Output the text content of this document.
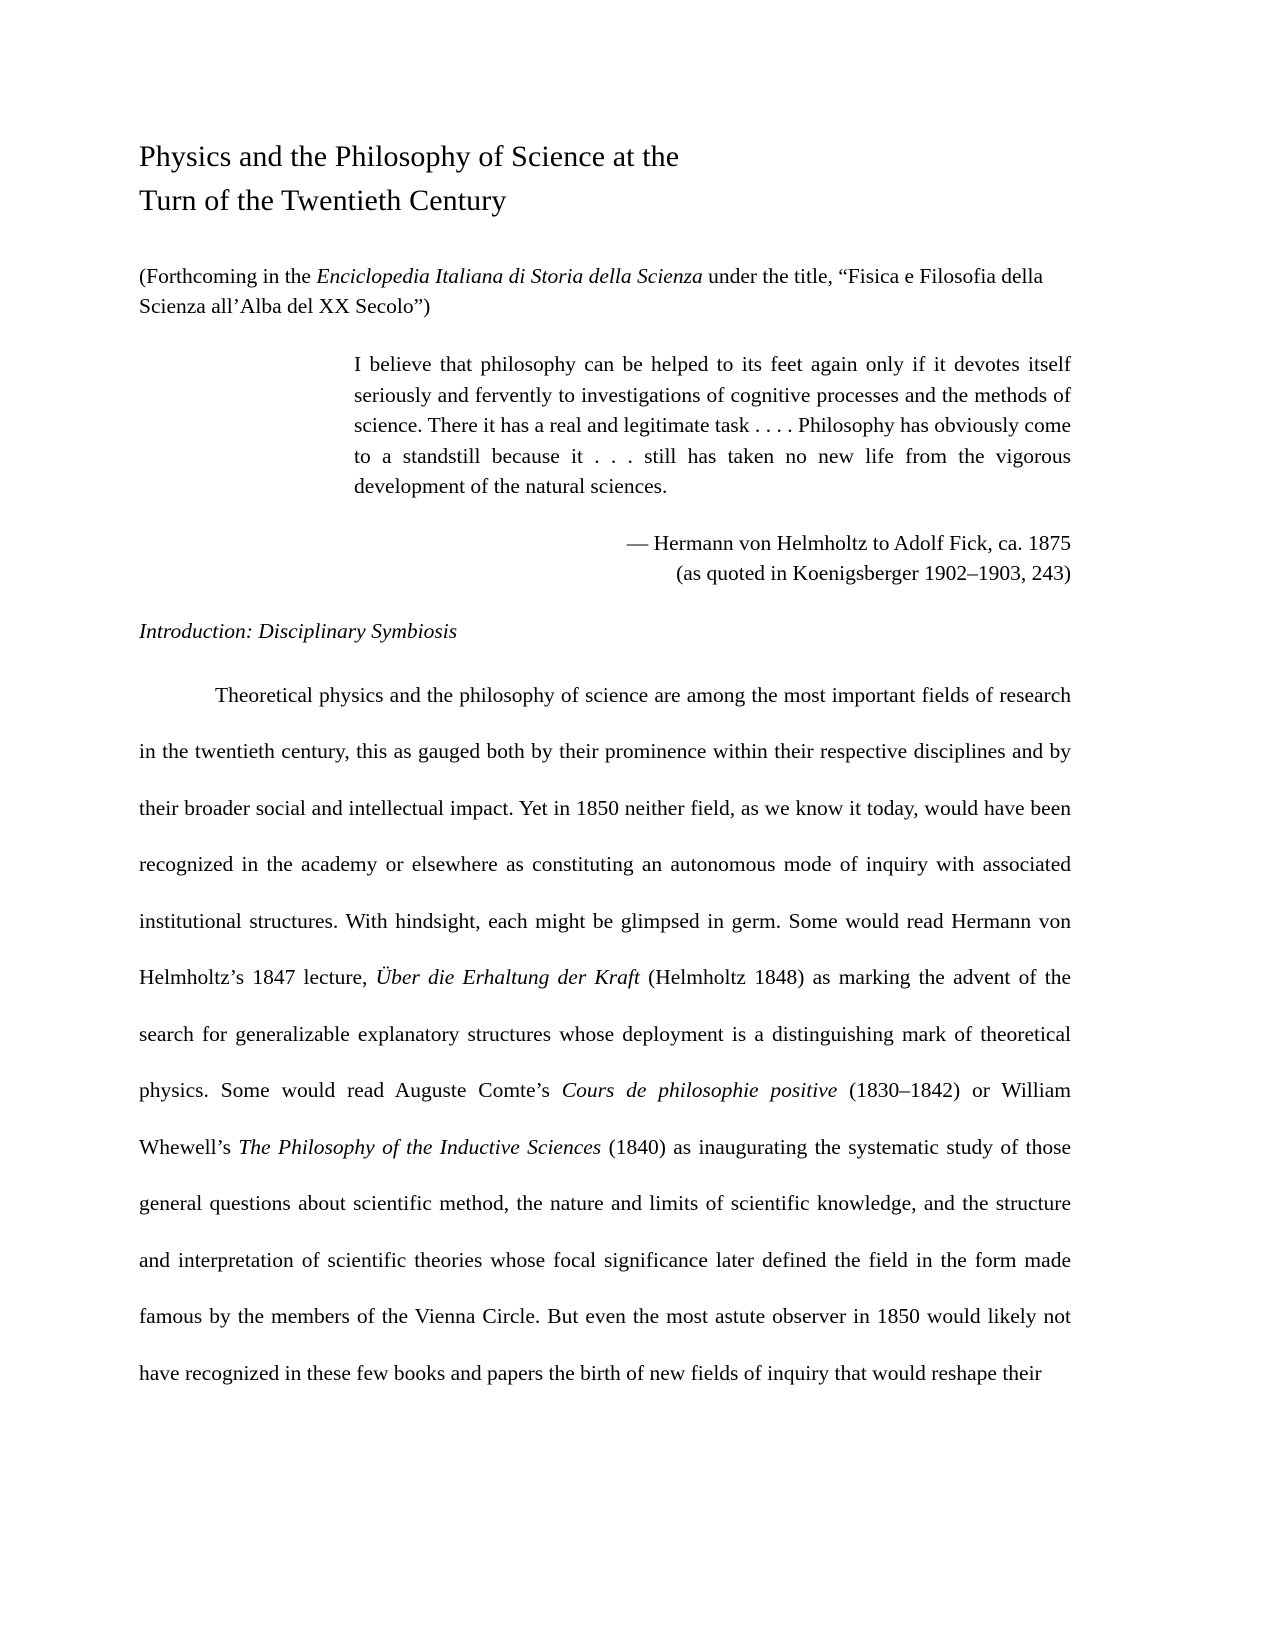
Physics and the Philosophy of Science at the
Turn of the Twentieth Century
(Forthcoming in the Enciclopedia Italiana di Storia della Scienza under the title, “Fisica e Filosofia della Scienza all’Alba del XX Secolo”)

I believe that philosophy can be helped to its feet again only if it devotes itself seriously and fervently to investigations of cognitive processes and the methods of science. There it has a real and legitimate task . . . . Philosophy has obviously come to a standstill because it . . . still has taken no new life from the vigorous development of the natural sciences.

— Hermann von Helmholtz to Adolf Fick, ca. 1875
(as quoted in Koenigsberger 1902–1903, 243)
Introduction: Disciplinary Symbiosis

Theoretical physics and the philosophy of science are among the most important fields of research in the twentieth century, this as gauged both by their prominence within their respective disciplines and by their broader social and intellectual impact. Yet in 1850 neither field, as we know it today, would have been recognized in the academy or elsewhere as constituting an autonomous mode of inquiry with associated institutional structures. With hindsight, each might be glimpsed in germ. Some would read Hermann von Helmholtz’s 1847 lecture, Über die Erhaltung der Kraft (Helmholtz 1848) as marking the advent of the search for generalizable explanatory structures whose deployment is a distinguishing mark of theoretical physics. Some would read Auguste Comte’s Cours de philosophie positive (1830–1842) or William Whewell’s The Philosophy of the Inductive Sciences (1840) as inaugurating the systematic study of those general questions about scientific method, the nature and limits of scientific knowledge, and the structure and interpretation of scientific theories whose focal significance later defined the field in the form made famous by the members of the Vienna Circle. But even the most astute observer in 1850 would likely not have recognized in these few books and papers the birth of new fields of inquiry that would reshape their
